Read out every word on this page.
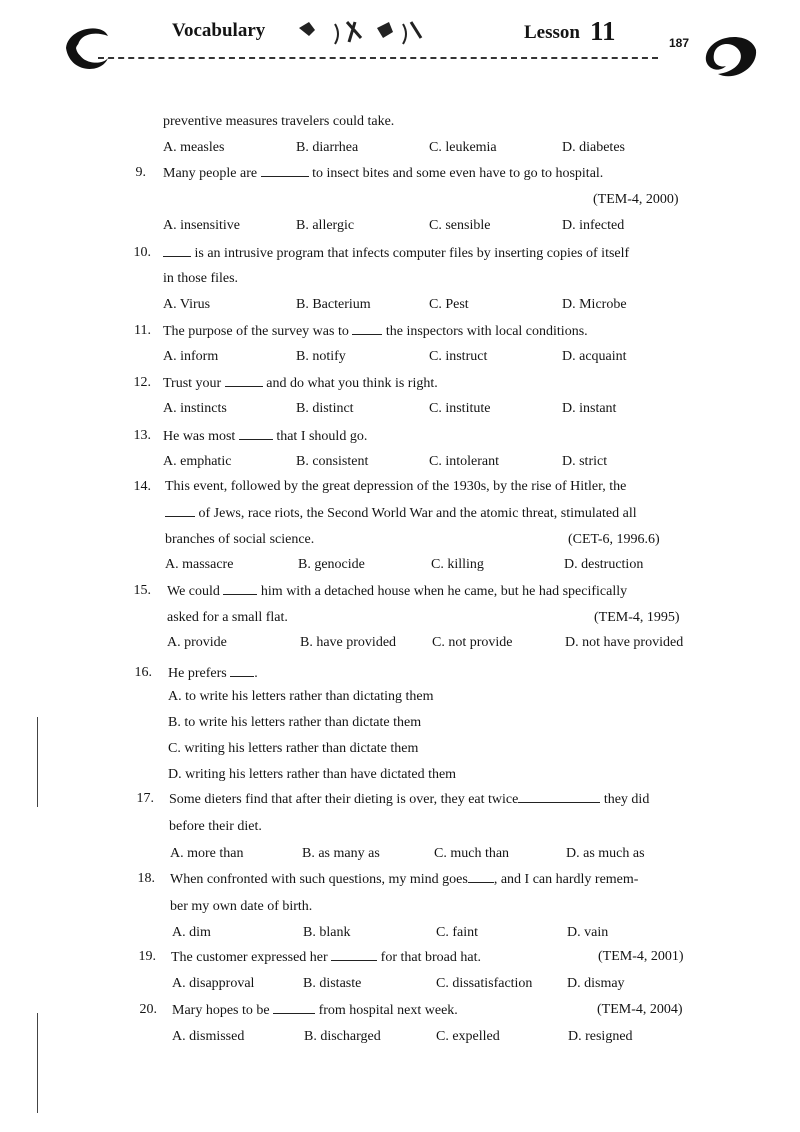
Vocabulary	Lesson 11	187
preventive measures travelers could take.
A. measles	B. diarrhea	C. leukemia	D. diabetes
9. Many people are	to insect bites and some even have to go to hospital.
(TEM-4, 2000)
A. insensitive	B. allergic	C. sensible	D. infected
10.	is an intrusive program that infects computer files by inserting copies of itself
in those files.
A. Virus	B. Bacterium	C. Pest	D. Microbe
11. The purpose of the survey was to  the inspectors with local conditions.
A. inform	B. notify	C. instruct	D. acquaint
12. Trust your	and do what you think is right.
A. instincts	B. distinct	C. institute	D. instant
13. He was most  that I should go.
A. emphatic	B. consistent	C. intolerant	D. strict
14. This event, followed by the great depression of the 1930s, by the rise of Hitler, the
of Jews, race riots, the Second World War and the atomic threat, stimulated all
branches of social science.	(CET-6, 1996.6)
A. massacre	B. genocide	C. killing	D. destruction
15. We could  him with a detached house when he came, but he had specifically
asked for a small flat.	(TEM-4, 1995)
A. provide	B. have provided	C. not provide	D. not have provided
16. He prefers .
A. to write his letters rather than dictating them
B. to write his letters rather than dictate them
C. writing his letters rather than dictate them
D. writing his letters rather than have dictated them
17. Some dieters find that after their dieting is over, they eat twice	they did
before their diet.
A. more than	B. as many as	C. much than	D. as much as
18. When confronted with such questions, my mind goes , and I can hardly remem-
ber my own date of birth.
A. dim	B. blank	C. faint	D. vain
19. The customer expressed her	for that broad hat.	(TEM-4, 2001)
A. disapproval	B. distaste	C. dissatisfaction D. dismay
20. Mary hopes to be	from hospital next week.	(TEM-4, 2004)
A. dismissed	B. discharged	C. expelled	D. resigned
